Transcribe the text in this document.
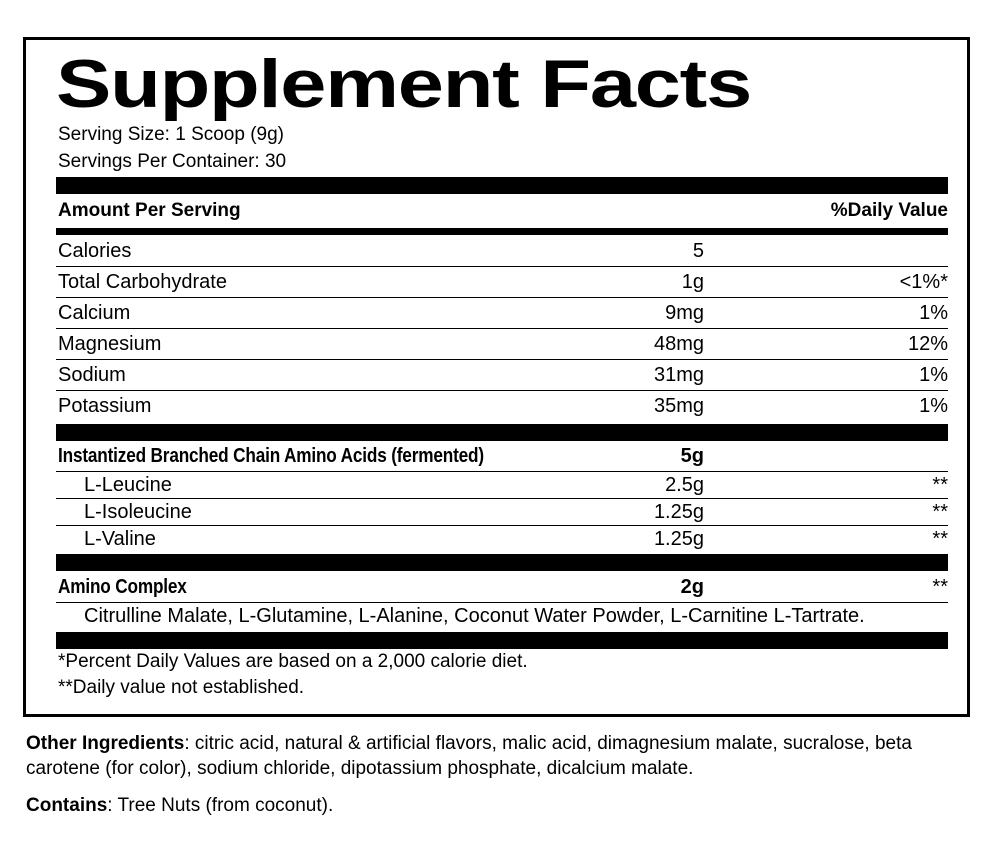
Supplement Facts
Serving Size: 1 Scoop (9g)
Servings Per Container: 30
Amount Per Serving	%Daily Value
Calories	5
Total Carbohydrate	1g	<1%*
Calcium	9mg	1%
Magnesium	48mg	12%
Sodium	31mg	1%
Potassium	35mg	1%
Instantized Branched Chain Amino Acids (fermented)	5g
L-Leucine	2.5g	**
L-Isoleucine	1.25g	**
L-Valine	1.25g	**
Amino Complex	2g	**
Citrulline Malate, L-Glutamine, L-Alanine, Coconut Water Powder, L-Carnitine L-Tartrate.
*Percent Daily Values are based on a 2,000 calorie diet.
**Daily value not established.
Other Ingredients: citric acid, natural & artificial flavors, malic acid, dimagnesium malate, sucralose, beta carotene (for color), sodium chloride, dipotassium phosphate, dicalcium malate.
Contains: Tree Nuts (from coconut).
